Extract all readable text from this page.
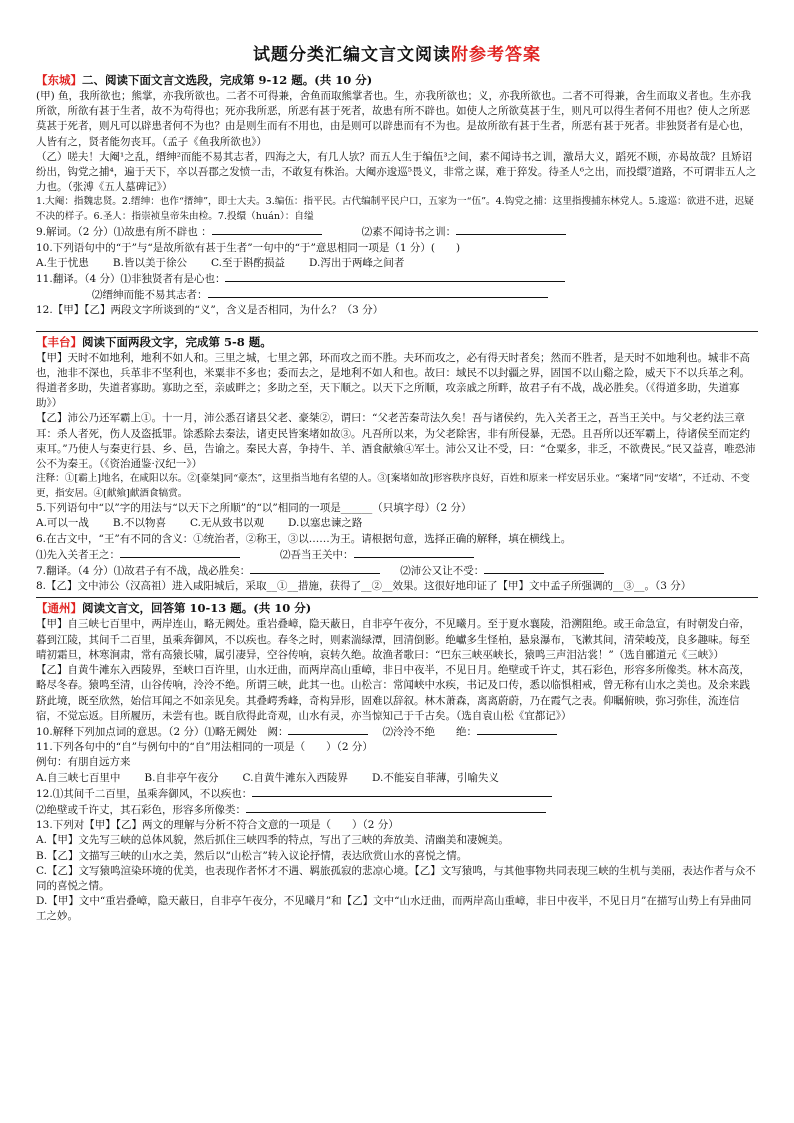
试题分类汇编文言文阅读附参考答案

【东城】二、阅读下面文言文选段，完成第 9-12 题。(共 10 分)

(甲) 鱼，我所欲也；熊掌，亦我所欲也。二者不可得兼，舍鱼而取熊掌者也。生，亦我所欲也；义，亦我所欲也。二者不可得兼，舍生而取义者也。生亦我所欲，所欲有甚于生者，故不为苟得也；死亦我所恶，所恶有甚于死者，故患有所不辟也。如使人之所欲莫甚于生，则凡可以得生者何不用也？使人之所恶莫甚于死者，则凡可以辟患者何不为也？由是则生而有不用也，由是则可以辟患而有不为也。是故所欲有甚于生者，所恶有甚于死者。非独贤者有是心也，人皆有之，贤者能勿丧耳。（孟子《鱼我所欲也》）

（乙）嗟夫！大阉¹之乱，缙绅²而能不易其志者，四海之大，有几人欤？而五人生于编伍³之间，素不闻诗书之训，激昂大义，蹈死不顾，亦曷故哉？且矫诏纷出，钩党之捕⁴，遍于天下，卒以吾郡之发愤一击，不敢复有株治。大阉亦逡巡⁵畏义，非常之谋，难于猝发。待圣人⁶之出，而投缳⁷道路，不可谓非五人之力也。（张溥《五人墓碑记》）

1.大阉：指魏忠贤。2.缙绅：也作“搢绅”，即士大夫。3.编伍：指平民。古代编制平民户口，五家为一“伍”。4.钩党之捕：这里指搜捕东林党人。5.逡巡：欲进不进，迟疑不决的样子。6.圣人：指崇祯皇帝朱由检。7.投缳（huán）：自缢

9.解词。（2 分）⑴故患有所不辟也 ：	⑵素不闻诗书之训：

10.下列语句中的“于”与“是故所欲有甚于生者”一句中的“于”意思相同一项是（1 分）(　　)

A.生于忧患 B.皆以美于徐公 C.至于斟酌损益 D.泻出于两峰之间者

11.翻译。（4 分）⑴非独贤者有是心也：

⑵缙绅而能不易其志者：

12.【甲】【乙】两段文字所谈到的“义”，含义是否相同，为什么？（3 分）

【丰台】阅读下面两段文字，完成第 5-8 题。

【甲】天时不如地利，地利不如人和。三里之城，七里之郭，环而攻之而不胜。夫环而攻之，必有得天时者矣；然而不胜者，是天时不如地利也。城非不高也，池非不深也，兵革非不坚利也，米粟非不多也；委而去之，是地利不如人和也。故曰：域民不以封疆之界，固国不以山谿之险，威天下不以兵革之利。得道者多助，失道者寡助。寡助之至，亲戚畔之；多助之至，天下顺之。以天下之所顺，攻亲戚之所畔，故君子有不战，战必胜矣。（《得道多助，失道寡助》）

【乙】沛公乃还军霸上①。十一月，沛公悉召诸县父老、豪桀②，谓曰：“父老苦秦苛法久矣！吾与诸侯约，先入关者王之，吾当王关中。与父老约法三章耳：杀人者死，伤人及盗抵罪。馀悉除去秦法，诸吏民皆案堵如故③。凡吾所以来，为父老除害，非有所侵暴，无恐。且吾所以还军霸上，待诸侯至而定约束耳。”乃使人与秦吏行县、乡、邑，告谕之。秦民大喜，争持牛、羊、酒食献飨④军士。沛公又让不受，曰：“仓粟多，非乏，不欲费民。”民又益喜，唯恐沛公不为秦王。（《资治通鉴·汉纪一》）

注释：①[霸上]地名，在咸阳以东。②[豪桀]同“豪杰”，这里指当地有名望的人。③[案堵如故]形容秩序良好，百姓和原来一样安居乐业。“案堵”同“安堵”，不迁动、不变更，指安居。④[献飨]献酒食犒赏。

5.下列语句中“以”字的用法与“以天下之所顺”的“以”相同的一项是______（只填字母）（2 分）

A.可以一战 B.不以物喜 C.无从致书以观 D.以塞忠谏之路

6.在古文中，“王”有不同的含义：①统治者，②称王，③以……为王。请根据句意，选择正确的解释，填在横线上。

⑴先入关者王之：	⑵吾当王关中：

7.翻译。（4 分）⑴故君子有不战，战必胜矣：	⑵沛公又让不受：

8.【乙】文中沛公（汉高祖）进入咸阳城后，采取__①__措施，获得了__②__效果。这很好地印证了【甲】文中孟子所强调的__③__。（3 分）

【通州】阅读文言文，回答第 10-13 题。(共 10 分)

【甲】自三峡七百里中，两岸连山，略无阙处。重岩叠嶂，隐天蔽日，自非亭午夜分，不见曦月。至于夏水襄陵，沿溯阻绝。或王命急宣，有时朝发白帝，暮到江陵，其间千二百里，虽乘奔御风，不以疾也。春冬之时，则素湍绿潭，回清倒影。绝巘多生怪柏，悬泉瀑布，飞漱其间，清荣峻茂，良多趣味。每至晴初霜旦，林寒涧肃，常有高猿长啸，属引凄异，空谷传响，哀转久绝。故渔者歌曰：“巴东三峡巫峡长，猿鸣三声泪沾裳！”（选自郦道元《三峡》）

【乙】自黄牛滩东入西陵界，至峡口百许里，山水迂曲，而两岸高山重嶂，非日中夜半，不见日月。绝壁或千许丈，其石彩色，形容多所像类。林木高茂，略尽冬春。猿鸣至清，山谷传响，泠泠不绝。所谓三峡，此其一也。山松言：常闻峡中水疾，书记及口传，悉以临惧相戒，曾无称有山水之美也。及余来践跻此境，既至欣然，始信耳闻之不如亲见矣。其叠崿秀峰，奇构异形，固难以辞叙。林木萧森，离离蔚蔚，乃在霞气之表。仰瞩俯映，弥习弥佳，流连信宿，不觉忘返。目所履历，未尝有也。既自欣得此奇观，山水有灵，亦当惊知己于千古矣。（选自袁山松《宜都记》）

10.解释下列加点词的意思。（2 分）⑴略无阙处　阙：	⑵泠泠不绝　　绝：

11.下列各句中的“自”与例句中的“自”用法相同的一项是（　　）（2 分）

例句：有朋自远方来

A.自三峡七百里中 B.自非亭午夜分 C.自黄牛滩东入西陵界 D.不能妄自菲薄，引喻失义

12.⑴其间千二百里，虽乘奔御风，不以疾也：

⑵绝壁或千许丈，其石彩色，形容多所像类：

13.下列对【甲】【乙】两文的理解与分析不符合文意的一项是（　　）（2 分）

A.【甲】文先写三峡的总体风貌，然后抓住三峡四季的特点，写出了三峡的奔放美、清幽美和凄婉美。

B.【乙】文描写三峡的山水之美，然后以“山松言”转入议论抒情，表达欣赏山水的喜悦之情。

C.【乙】文写猿鸣渲染环境的优美，也表现作者怀才不遇、羁旅孤寂的悲凉心境。【乙】文写猿鸣，与其他事物共同表现三峡的生机与美丽，表达作者与众不同的喜悦之情。

D.【甲】文中“重岩叠嶂，隐天蔽日，自非亭午夜分，不见曦月”和【乙】文中“山水迂曲，而两岸高山重嶂，非日中夜半，不见日月”在描写山势上有异曲同工之妙。
